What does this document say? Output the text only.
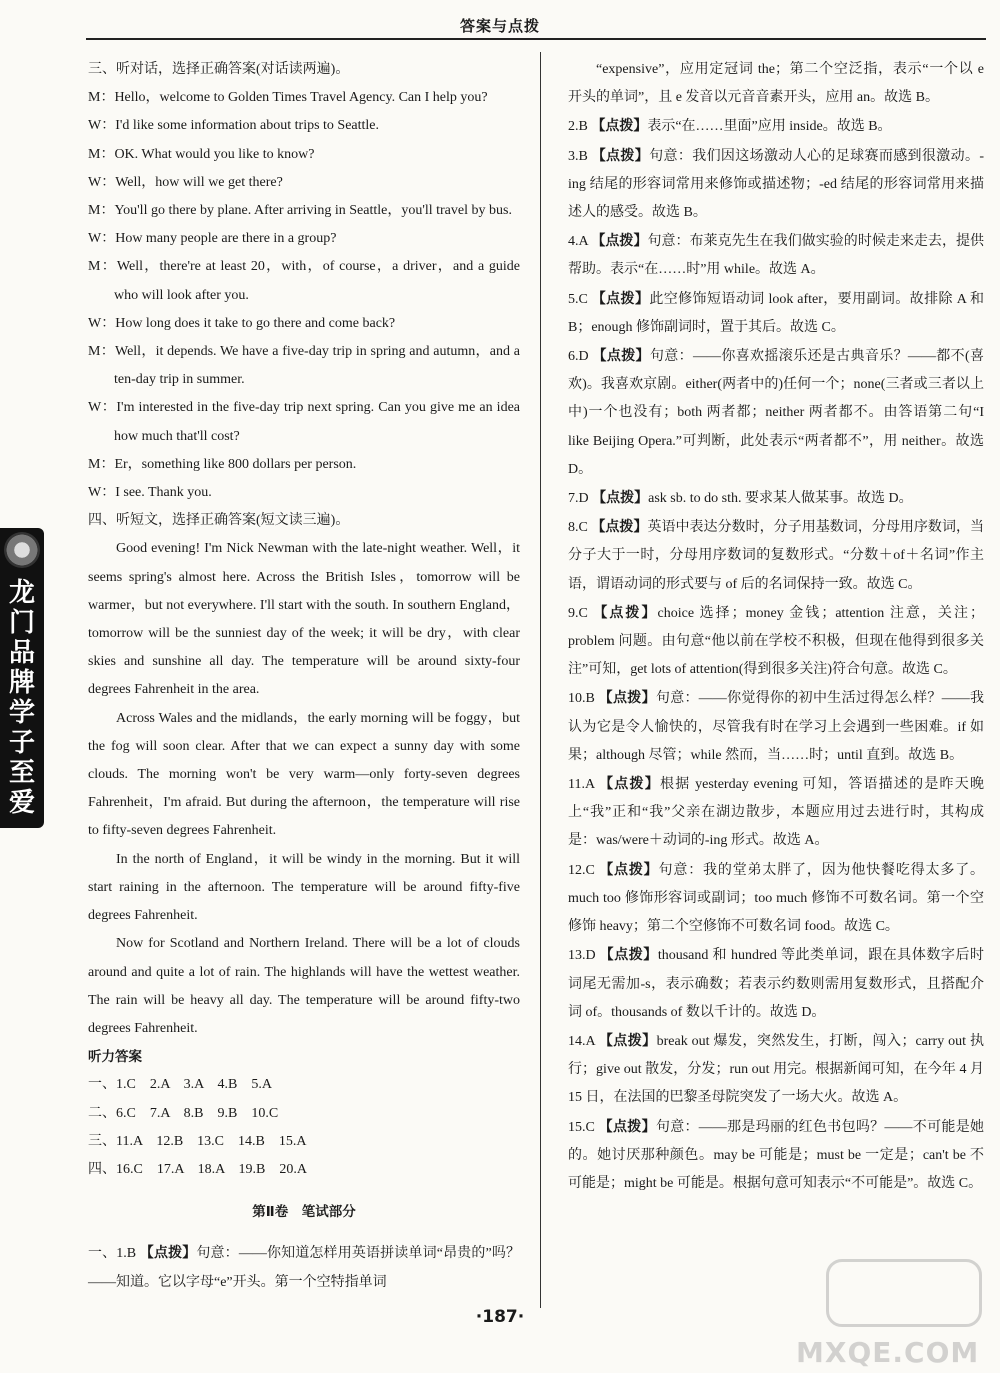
答案与点拨
龙门品牌 学子至爱

三、听对话，选择正确答案(对话读两遍)。

M：Hello，welcome to Golden Times Travel Agency. Can I help you?

W：I'd like some information about trips to Seattle.

M：OK. What would you like to know?

W：Well，how will we get there?

M：You'll go there by plane. After arriving in Seattle，you'll travel by bus.

W：How many people are there in a group?

M：Well，there're at least 20，with，of course，a driver，and a guide who will look after you.

W：How long does it take to go there and come back?

M：Well，it depends. We have a five-day trip in spring and autumn，and a ten-day trip in summer.

W：I'm interested in the five-day trip next spring. Can you give me an idea how much that'll cost?

M：Er，something like 800 dollars per person.

W：I see. Thank you.

四、听短文，选择正确答案(短文读三遍)。

Good evening! I'm Nick Newman with the late-night weather. Well，it seems spring's almost here. Across the British Isles，tomorrow will be warmer，but not everywhere. I'll start with the south. In southern England，tomorrow will be the sunniest day of the week; it will be dry，with clear skies and sunshine all day. The temperature will be around sixty-four degrees Fahrenheit in the area.

Across Wales and the midlands，the early morning will be foggy，but the fog will soon clear. After that we can expect a sunny day with some clouds. The morning won't be very warm—only forty-seven degrees Fahrenheit，I'm afraid. But during the afternoon，the temperature will rise to fifty-seven degrees Fahrenheit.

In the north of England，it will be windy in the morning. But it will start raining in the afternoon. The temperature will be around fifty-five degrees Fahrenheit.

Now for Scotland and Northern Ireland. There will be a lot of clouds around and quite a lot of rain. The highlands will have the wettest weather. The rain will be heavy all day. The temperature will be around fifty-two degrees Fahrenheit.

听力答案

一、1.C　2.A　3.A　4.B　5.A

二、6.C　7.A　8.B　9.B　10.C

三、11.A　12.B　13.C　14.B　15.A

四、16.C　17.A　18.A　19.B　20.A

第Ⅱ卷　笔试部分

一、1.B 【点拨】句意：——你知道怎样用英语拼读单词“昂贵的”吗？——知道。它以字母“e”开头。第一个空特指单词

“expensive”，应用定冠词 the；第二个空泛指，表示“一个以 e 开头的单词”，且 e 发音以元音音素开头，应用 an。故选 B。

2.B 【点拨】表示“在……里面”应用 inside。故选 B。

3.B 【点拨】句意：我们因这场激动人心的足球赛而感到很激动。-ing 结尾的形容词常用来修饰或描述物；-ed 结尾的形容词常用来描述人的感受。故选 B。

4.A 【点拨】句意：布莱克先生在我们做实验的时候走来走去，提供帮助。表示“在……时”用 while。故选 A。

5.C 【点拨】此空修饰短语动词 look after，要用副词。故排除 A 和 B；enough 修饰副词时，置于其后。故选 C。

6.D 【点拨】句意：——你喜欢摇滚乐还是古典音乐？——都不(喜欢)。我喜欢京剧。either(两者中的)任何一个；none(三者或三者以上中)一个也没有；both 两者都；neither 两者都不。由答语第二句“I like Beijing Opera.”可判断，此处表示“两者都不”，用 neither。故选 D。

7.D 【点拨】ask sb. to do sth. 要求某人做某事。故选 D。

8.C 【点拨】英语中表达分数时，分子用基数词，分母用序数词，当分子大于一时，分母用序数词的复数形式。“分数＋of＋名词”作主语，谓语动词的形式要与 of 后的名词保持一致。故选 C。

9.C 【点拨】choice 选择；money 金钱；attention 注意，关注；problem 问题。由句意“他以前在学校不积极，但现在他得到很多关注”可知，get lots of attention(得到很多关注)符合句意。故选 C。

10.B 【点拨】句意：——你觉得你的初中生活过得怎么样？——我认为它是令人愉快的，尽管我有时在学习上会遇到一些困难。if 如果；although 尽管；while 然而，当……时；until 直到。故选 B。

11.A 【点拨】根据 yesterday evening 可知，答语描述的是昨天晚上“我”正和“我”父亲在湖边散步，本题应用过去进行时，其构成是：was/were＋动词的-ing 形式。故选 A。

12.C 【点拨】句意：我的堂弟太胖了，因为他快餐吃得太多了。much too 修饰形容词或副词；too much 修饰不可数名词。第一个空修饰 heavy；第二个空修饰不可数名词 food。故选 C。

13.D 【点拨】thousand 和 hundred 等此类单词，跟在具体数字后时词尾无需加-s，表示确数；若表示约数则需用复数形式，且搭配介词 of。thousands of 数以千计的。故选 D。

14.A 【点拨】break out 爆发，突然发生，打断，闯入；carry out 执行；give out 散发，分发；run out 用完。根据新闻可知，在今年 4 月 15 日，在法国的巴黎圣母院突发了一场大火。故选 A。

15.C 【点拨】句意：——那是玛丽的红色书包吗？——不可能是她的。她讨厌那种颜色。may be 可能是；must be 一定是；can't be 不可能是；might be 可能是。根据句意可知表示“不可能是”。故选 C。

·187·
MXQE.COM
